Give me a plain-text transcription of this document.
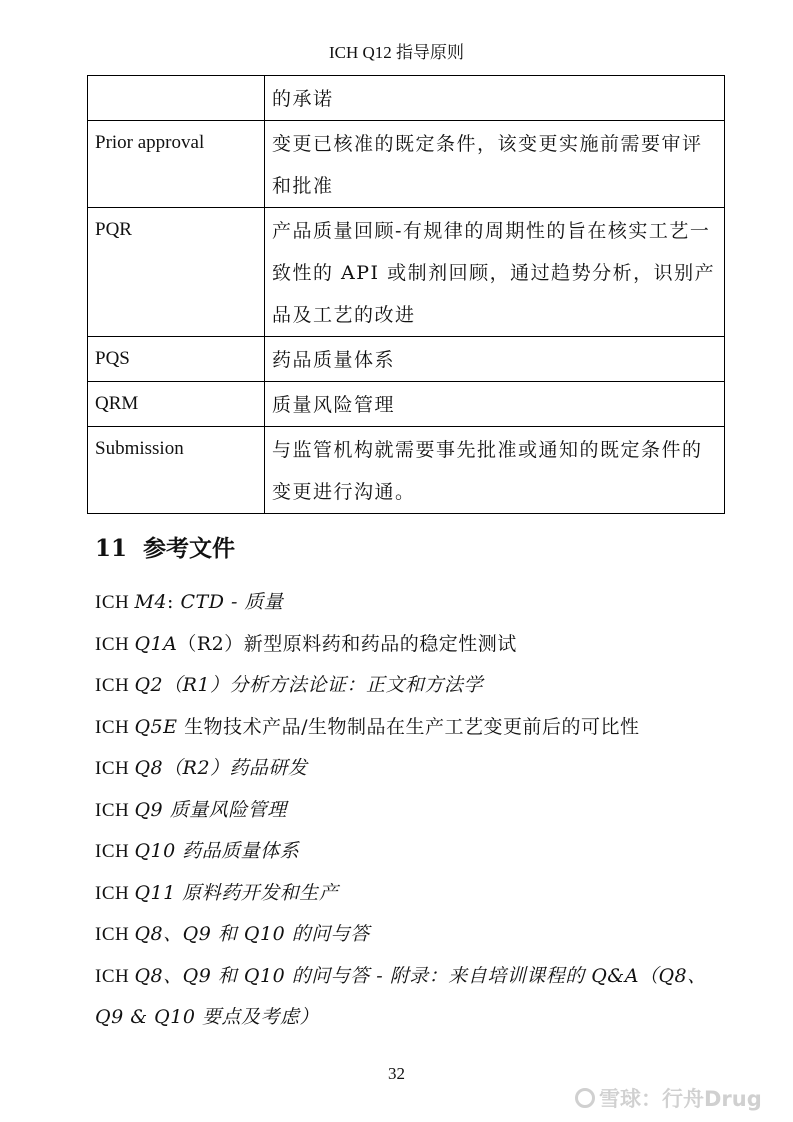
ICH Q12 指导原则
	的承诺
Prior approval	变更已核准的既定条件，该变更实施前需要审评和批准
PQR	产品质量回顾-有规律的周期性的旨在核实工艺一致性的 API 或制剂回顾，通过趋势分析，识别产品及工艺的改进
PQS	药品质量体系
QRM	质量风险管理
Submission	与监管机构就需要事先批准或通知的既定条件的变更进行沟通。
11 参考文件
ICH M4: CTD - 质量
ICH Q1A（R2）新型原料药和药品的稳定性测试
ICH Q2（R1）分析方法论证：正文和方法学
ICH Q5E 生物技术产品/生物制品在生产工艺变更前后的可比性
ICH Q8（R2）药品研发
ICH Q9 质量风险管理
ICH Q10 药品质量体系
ICH Q11 原料药开发和生产
ICH Q8、Q9 和 Q10 的问与答
ICH Q8、Q9 和 Q10 的问与答 - 附录：来自培训课程的 Q&A（Q8、Q9 & Q10 要点及考虑）
32
雪球：行舟Drug
